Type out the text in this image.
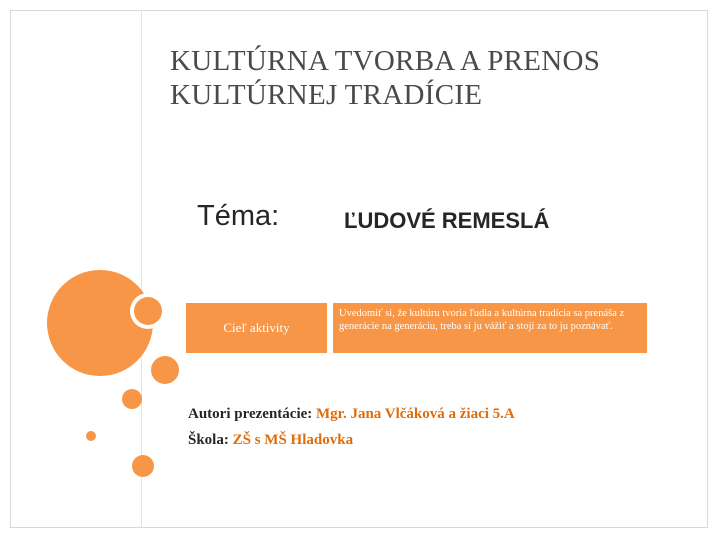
KULTÚRNA TVORBA A PRENOS
KULTÚRNEJ TRADÍCIE
Téma:	ĽUDOVÉ REMESLÁ
Cieľ aktivity
Uvedomiť si, že kultúru tvoria ľudia a kultúrna tradícia sa prenáša z generácie na generáciu, treba si ju vážiť a stojí za to ju poznávať.
Autori prezentácie: Mgr. Jana Vlčáková a žiaci 5.A
Škola: ZŠ s MŠ Hladovka
